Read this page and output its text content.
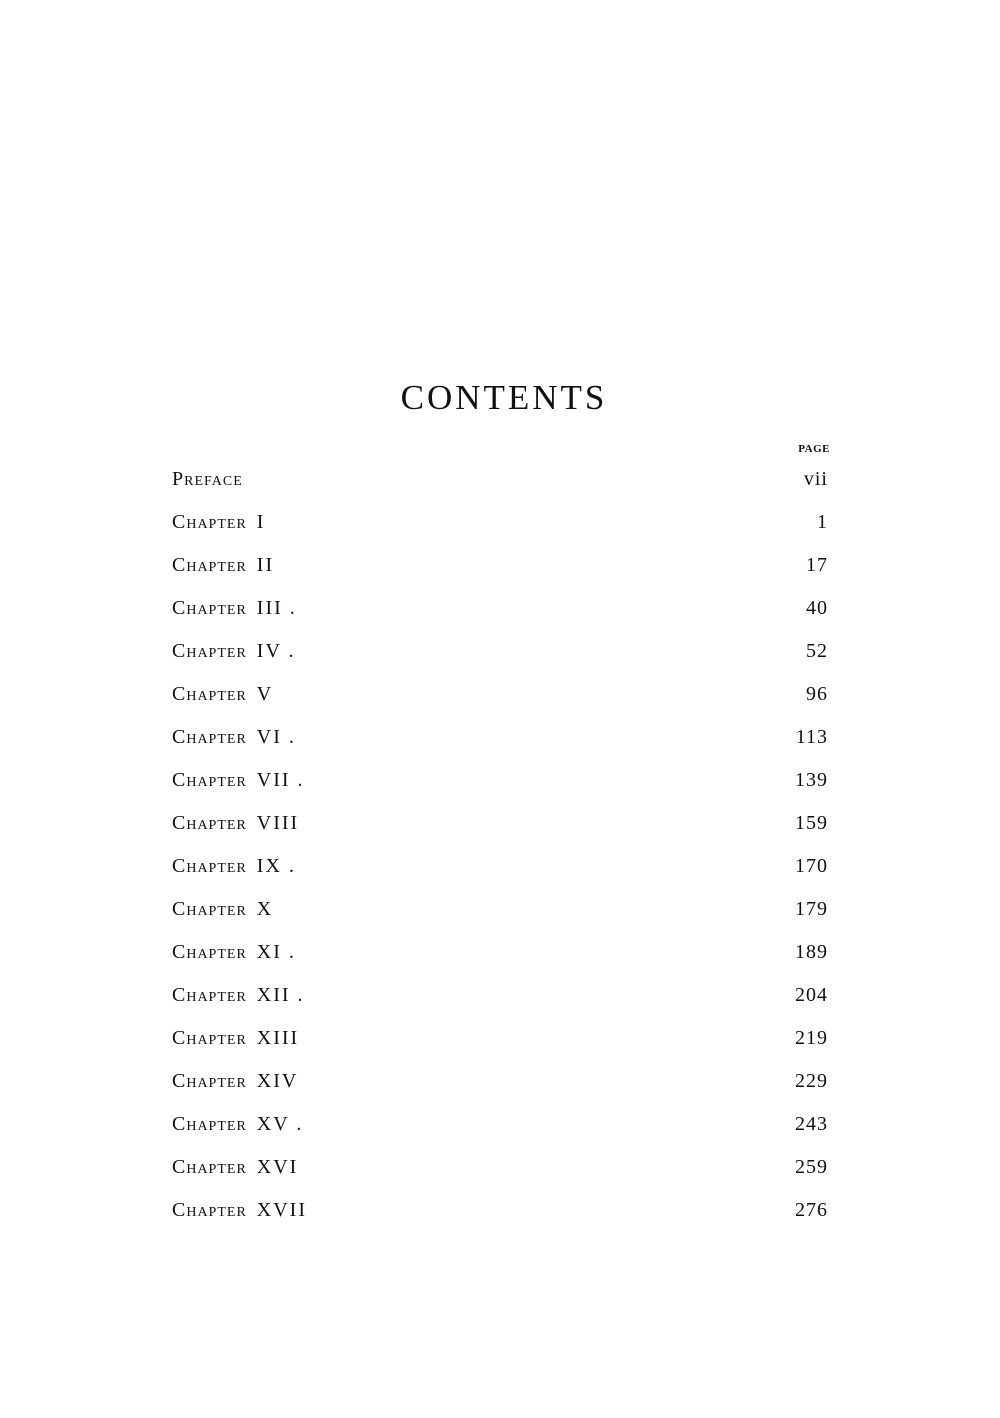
CONTENTS
PAGE
Preface	vii
Chapter I	1
Chapter II	17
Chapter III .	40
Chapter IV .	52
Chapter V	96
Chapter VI .	113
Chapter VII .	139
Chapter VIII	159
Chapter IX .	170
Chapter X	179
Chapter XI .	189
Chapter XII .	204
Chapter XIII	219
Chapter XIV	229
Chapter XV .	243
Chapter XVI	259
Chapter XVII	276
